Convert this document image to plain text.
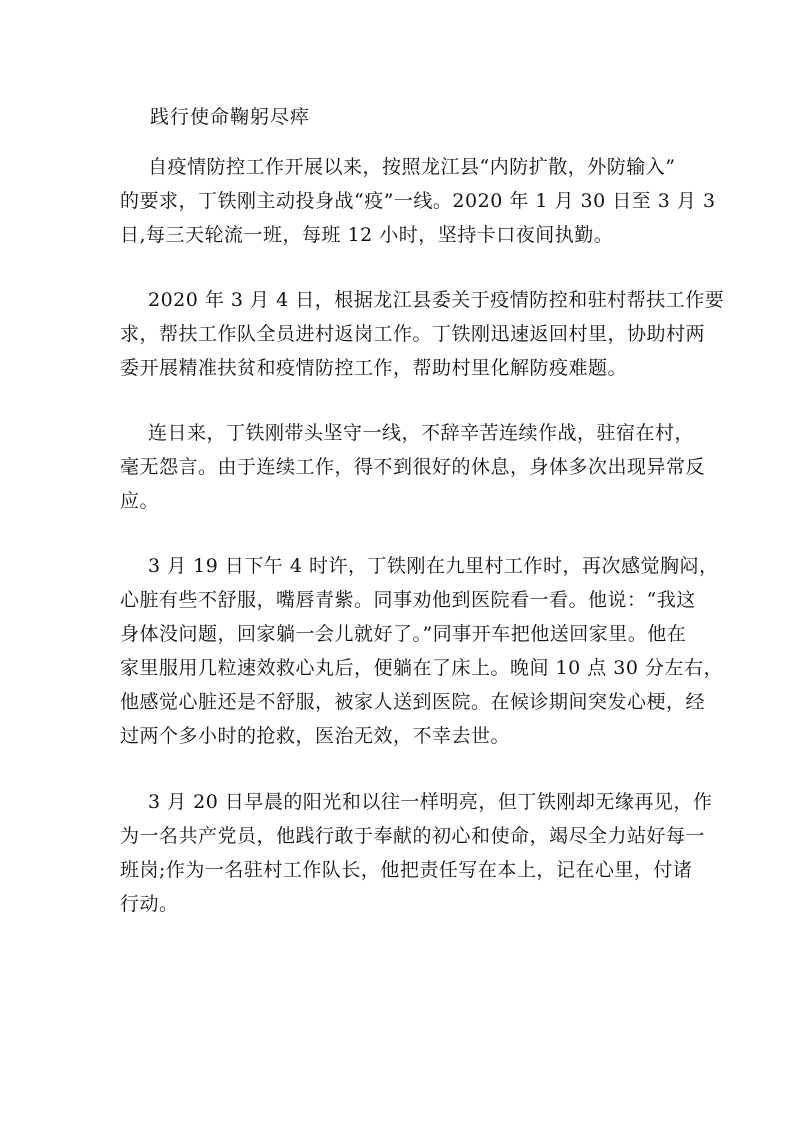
践行使命鞠躬尽瘁
自疫情防控工作开展以来，按照龙江县“内防扩散，外防输入”
的要求，丁铁刚主动投身战“疫”一线。2020 年 1 月 30 日至 3 月 3
日,每三天轮流一班，每班 12 小时，坚持卡口夜间执勤。
2020 年 3 月 4 日，根据龙江县委关于疫情防控和驻村帮扶工作要
求，帮扶工作队全员进村返岗工作。丁铁刚迅速返回村里，协助村两
委开展精准扶贫和疫情防控工作，帮助村里化解防疫难题。
连日来，丁铁刚带头坚守一线，不辞辛苦连续作战，驻宿在村，
毫无怨言。由于连续工作，得不到很好的休息，身体多次出现异常反
应。
3 月 19 日下午 4 时许，丁铁刚在九里村工作时，再次感觉胸闷，
心脏有些不舒服，嘴唇青紫。同事劝他到医院看一看。他说：“我这
身体没问题，回家躺一会儿就好了。”同事开车把他送回家里。他在
家里服用几粒速效救心丸后，便躺在了床上。晚间 10 点 30 分左右，
他感觉心脏还是不舒服，被家人送到医院。在候诊期间突发心梗，经
过两个多小时的抢救，医治无效，不幸去世。
3 月 20 日早晨的阳光和以往一样明亮，但丁铁刚却无缘再见，作
为一名共产党员，他践行敢于奉献的初心和使命，竭尽全力站好每一
班岗;作为一名驻村工作队长，他把责任写在本上，记在心里，付诸
行动。
